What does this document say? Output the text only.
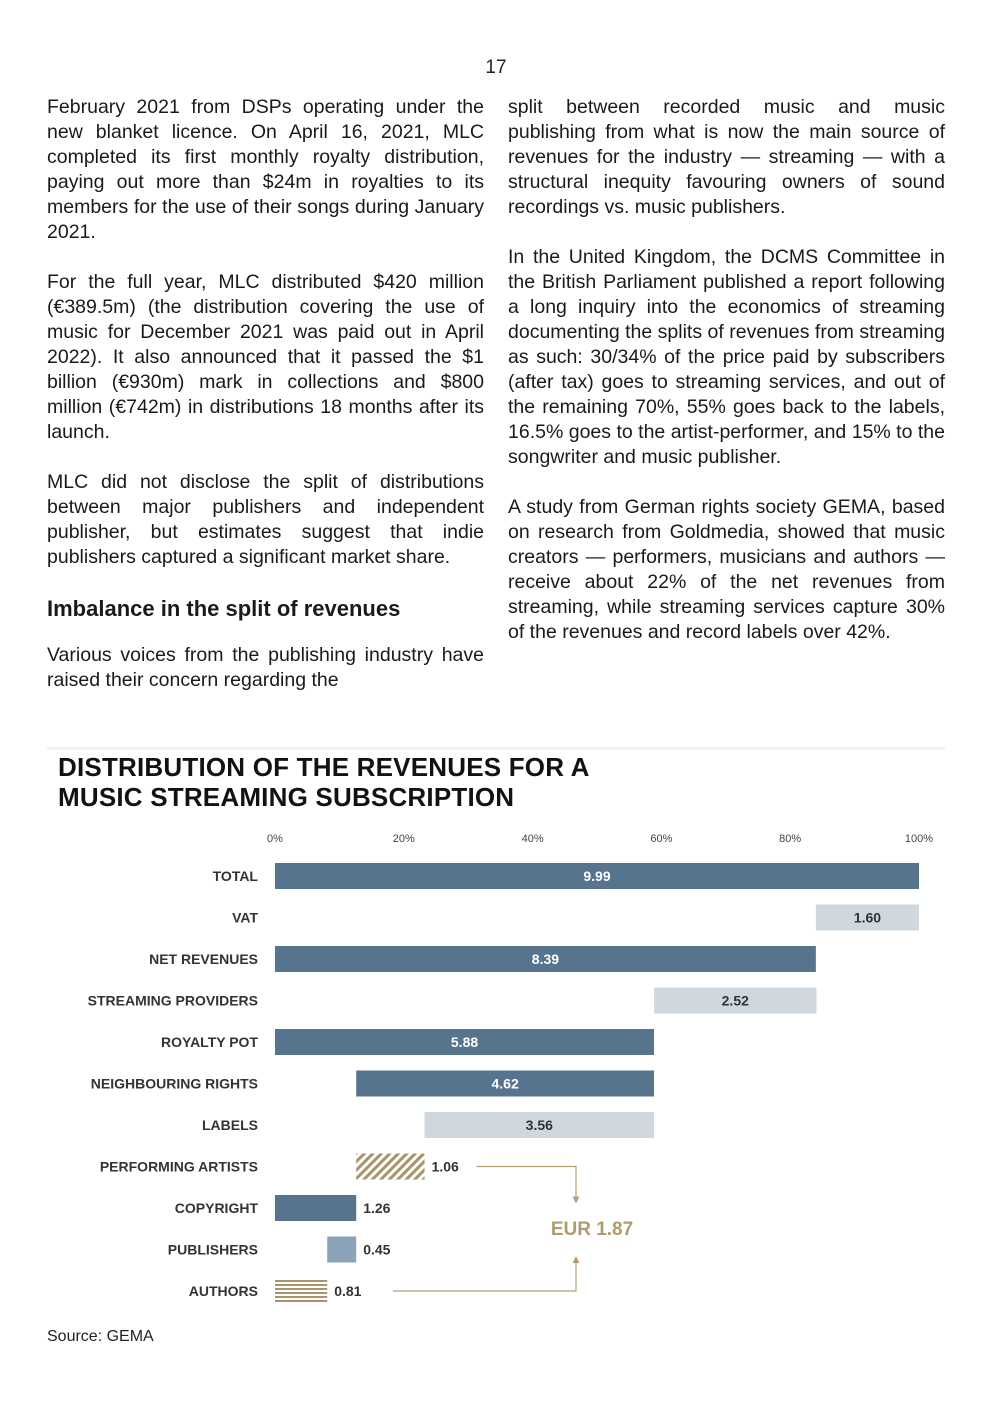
17

February 2021 from DSPs operating under the new blanket licence. On April 16, 2021, MLC completed its first monthly royalty distribution, paying out more than $24m in royalties to its members for the use of their songs during January 2021.

For the full year, MLC distributed $420 million (€389.5m) (the distribution covering the use of music for December 2021 was paid out in April 2022). It also announced that it passed the $1 billion (€930m) mark in collections and $800 million (€742m) in distributions 18 months after its launch.

MLC did not disclose the split of distributions between major publishers and independent publisher, but estimates suggest that indie publishers captured a significant market share.

Imbalance in the split of revenues

Various voices from the publishing industry have raised their concern regarding the

split between recorded music and music publishing from what is now the main source of revenues for the industry — streaming — with a structural inequity favouring owners of sound recordings vs. music publishers.

In the United Kingdom, the DCMS Committee in the British Parliament published a report following a long inquiry into the economics of streaming documenting the splits of revenues from streaming as such: 30/34% of the price paid by subscribers (after tax) goes to streaming services, and out of the remaining 70%, 55% goes back to the labels, 16.5% goes to the artist-performer, and 15% to the songwriter and music publisher.

A study from German rights society GEMA, based on research from Goldmedia, showed that music creators — performers, musicians and authors — receive about 22% of the net revenues from streaming, while streaming services capture 30% of the revenues and record labels over 42%.

DISTRIBUTION OF THE REVENUES FOR A
MUSIC STREAMING SUBSCRIPTION
0%	20%	40%	60%	80%	100%
TOTAL
VAT
NET REVENUES
STREAMING PROVIDERS
ROYALTY POT
NEIGHBOURING RIGHTS
LABELS
PERFORMING ARTISTS
COPYRIGHT
PUBLISHERS
AUTHORS
9.99
1.60
8.39
2.52
5.88
4.62
3.56
1.06
1.26
0.45
0.81
EUR 1.87
Source: GEMA
